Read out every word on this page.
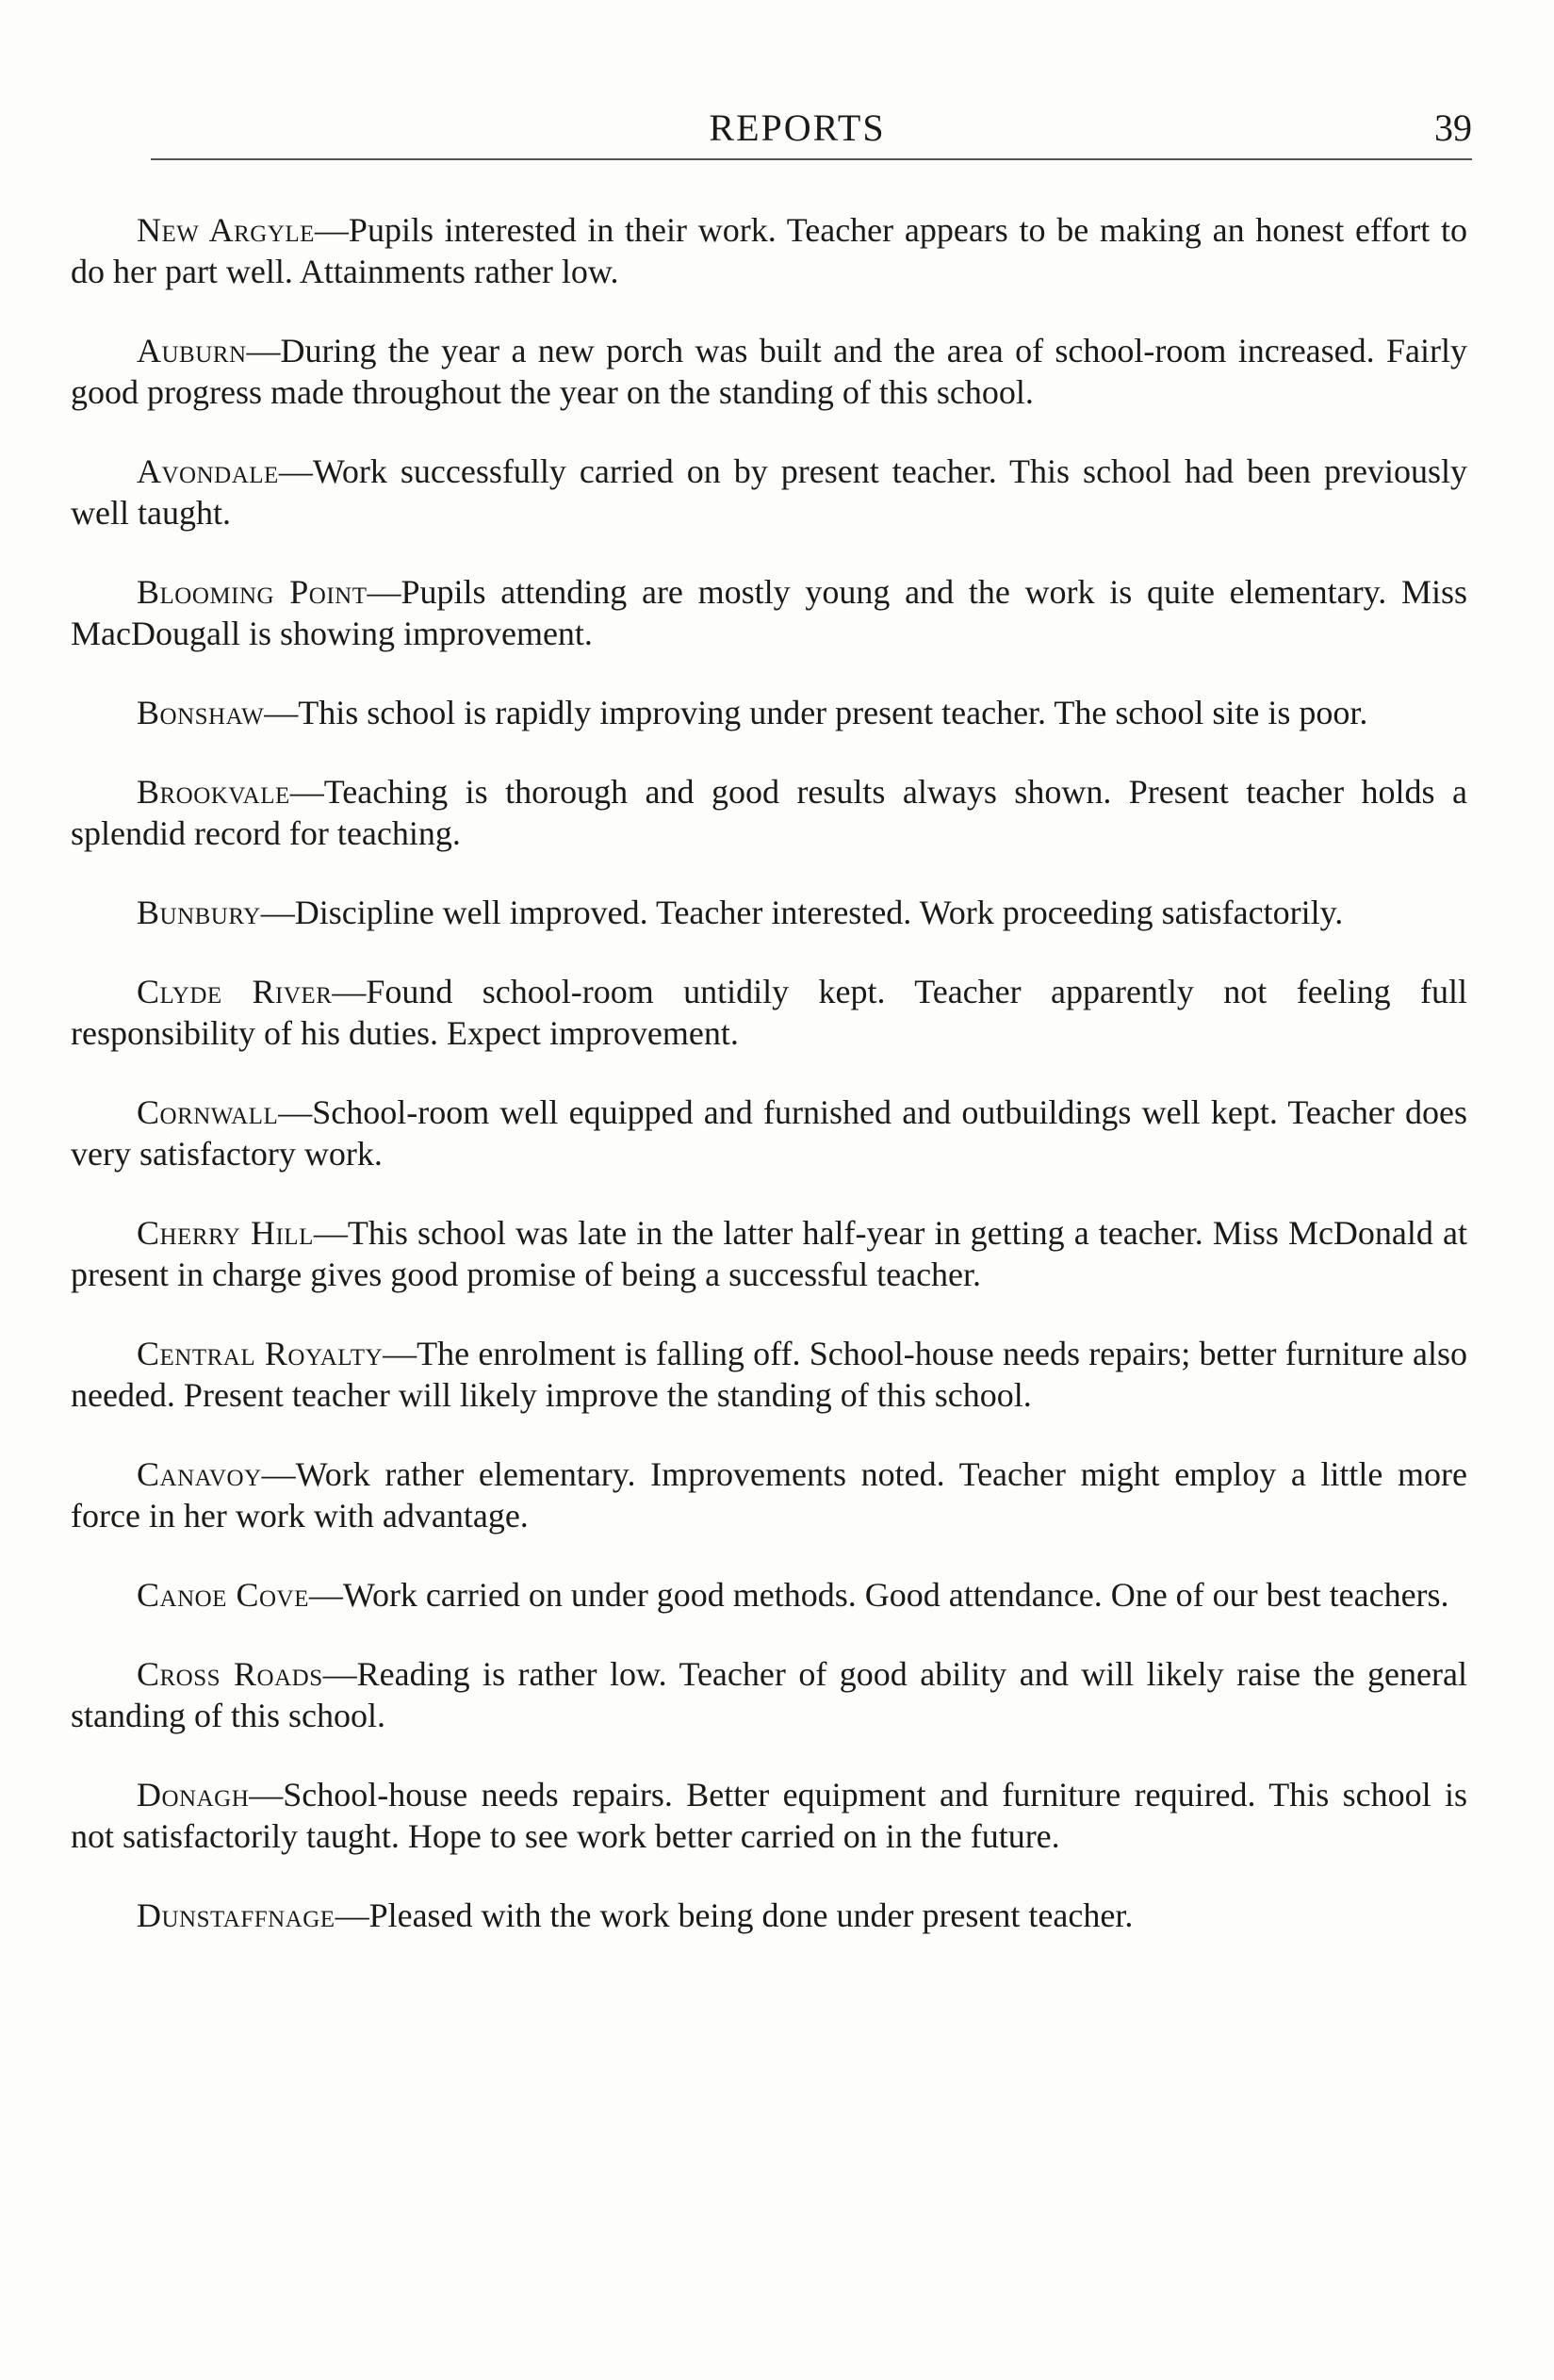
REPORTS	39

New Argyle—Pupils interested in their work. Teacher appears to be making an honest effort to do her part well. Attainments rather low.

Auburn—During the year a new porch was built and the area of school-room increased. Fairly good progress made throughout the year on the standing of this school.

Avondale—Work successfully carried on by present teacher. This school had been previously well taught.

Blooming Point—Pupils attending are mostly young and the work is quite elementary. Miss MacDougall is showing improvement.

Bonshaw—This school is rapidly improving under present teacher. The school site is poor.

Brookvale—Teaching is thorough and good results always shown. Present teacher holds a splendid record for teaching.

Bunbury—Discipline well improved. Teacher interested. Work proceeding satisfactorily.

Clyde River—Found school-room untidily kept. Teacher apparently not feeling full responsibility of his duties. Expect improvement.

Cornwall—School-room well equipped and furnished and outbuildings well kept. Teacher does very satisfactory work.

Cherry Hill—This school was late in the latter half-year in getting a teacher. Miss McDonald at present in charge gives good promise of being a successful teacher.

Central Royalty—The enrolment is falling off. School-house needs repairs; better furniture also needed. Present teacher will likely improve the standing of this school.

Canavoy—Work rather elementary. Improvements noted. Teacher might employ a little more force in her work with advantage.

Canoe Cove—Work carried on under good methods. Good attendance. One of our best teachers.

Cross Roads—Reading is rather low. Teacher of good ability and will likely raise the general standing of this school.

Donagh—School-house needs repairs. Better equipment and furniture required. This school is not satisfactorily taught. Hope to see work better carried on in the future.

Dunstaffnage—Pleased with the work being done under present teacher.
